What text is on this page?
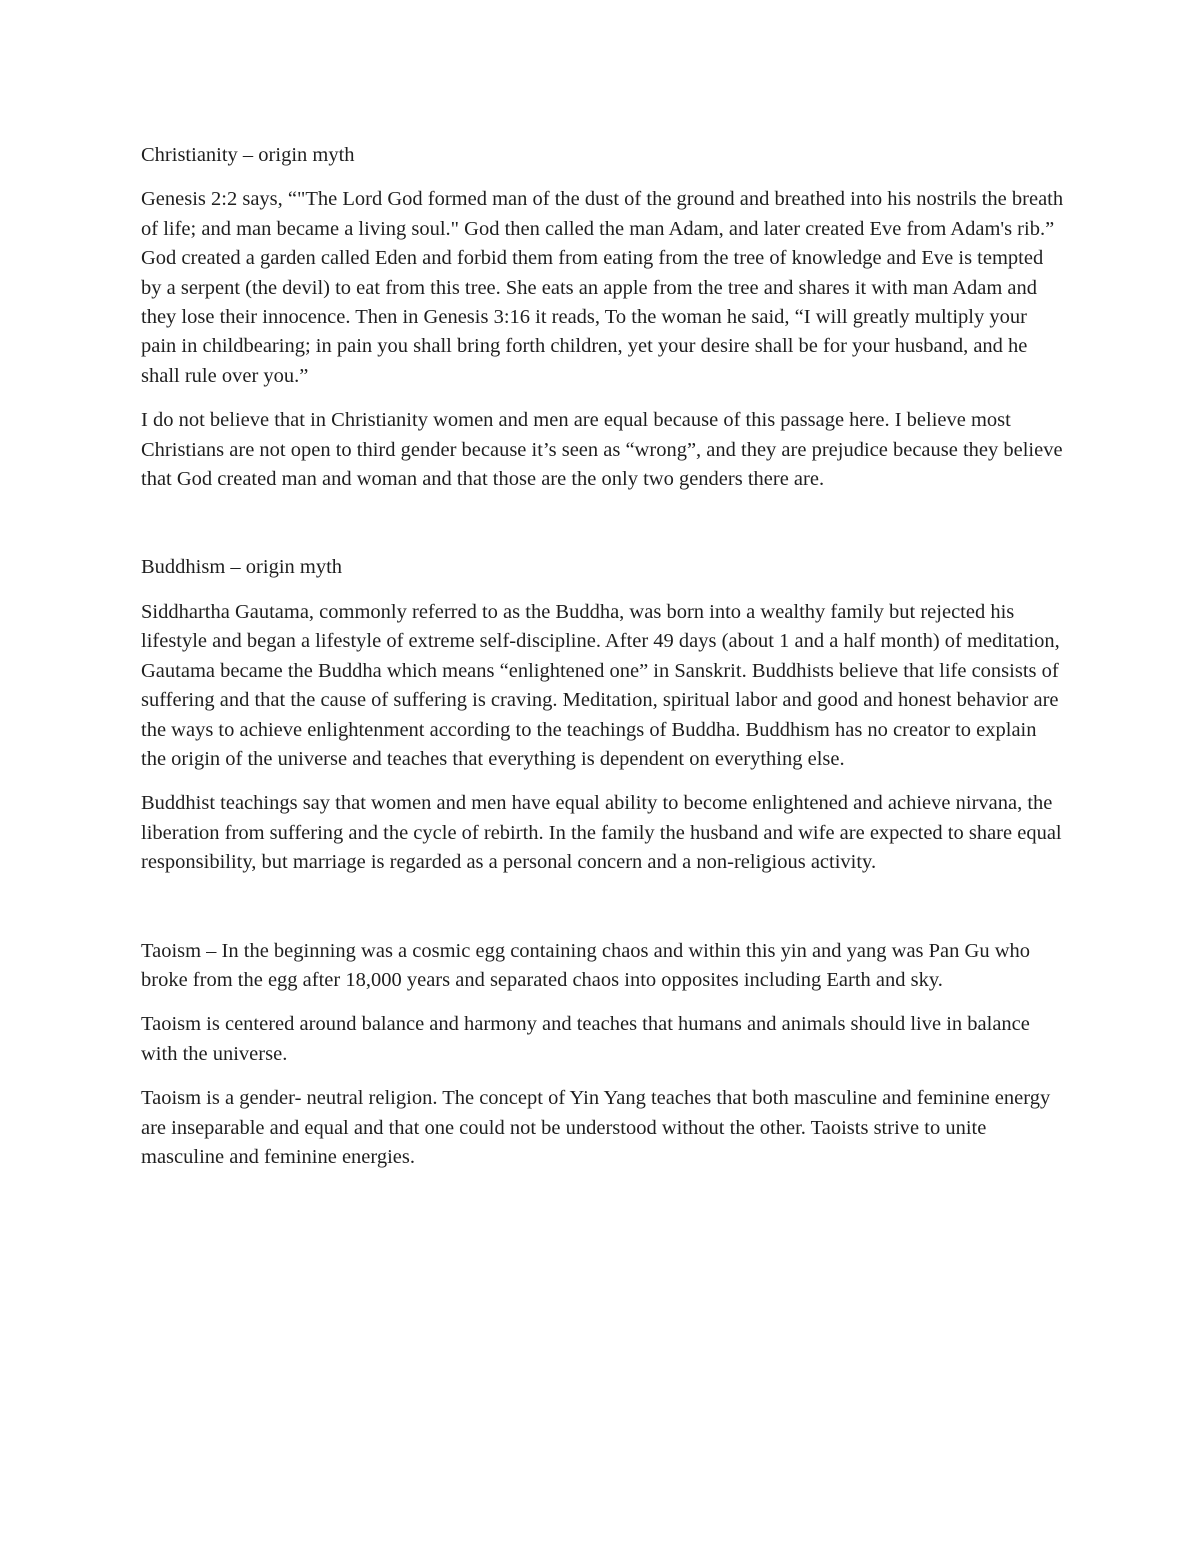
Christianity – origin myth

Genesis 2:2 says, “"The Lord God formed man of the dust of the ground and breathed into his nostrils the breath of life; and man became a living soul." God then called the man Adam, and later created Eve from Adam's rib.” God created a garden called Eden and forbid them from eating from the tree of knowledge and Eve is tempted by a serpent (the devil) to eat from this tree. She eats an apple from the tree and shares it with man Adam and they lose their innocence. Then in Genesis 3:16 it reads, To the woman he said, “I will greatly multiply your pain in childbearing; in pain you shall bring forth children, yet your desire shall be for your husband, and he shall rule over you.”

I do not believe that in Christianity women and men are equal because of this passage here. I believe most Christians are not open to third gender because it’s seen as “wrong”, and they are prejudice because they believe that God created man and woman and that those are the only two genders there are.

Buddhism – origin myth

Siddhartha Gautama, commonly referred to as the Buddha, was born into a wealthy family but rejected his lifestyle and began a lifestyle of extreme self-discipline. After 49 days (about 1 and a half month) of meditation, Gautama became the Buddha which means “enlightened one” in Sanskrit. Buddhists believe that life consists of suffering and that the cause of suffering is craving. Meditation, spiritual labor and good and honest behavior are the ways to achieve enlightenment according to the teachings of Buddha. Buddhism has no creator to explain the origin of the universe and teaches that everything is dependent on everything else.

Buddhist teachings say that women and men have equal ability to become enlightened and achieve nirvana, the liberation from suffering and the cycle of rebirth. In the family the husband and wife are expected to share equal responsibility, but marriage is regarded as a personal concern and a non-religious activity.

Taoism – In the beginning was a cosmic egg containing chaos and within this yin and yang was Pan Gu who broke from the egg after 18,000 years and separated chaos into opposites including Earth and sky.

Taoism is centered around balance and harmony and teaches that humans and animals should live in balance with the universe.

Taoism is a gender- neutral religion. The concept of Yin Yang teaches that both masculine and feminine energy are inseparable and equal and that one could not be understood without the other. Taoists strive to unite masculine and feminine energies.
